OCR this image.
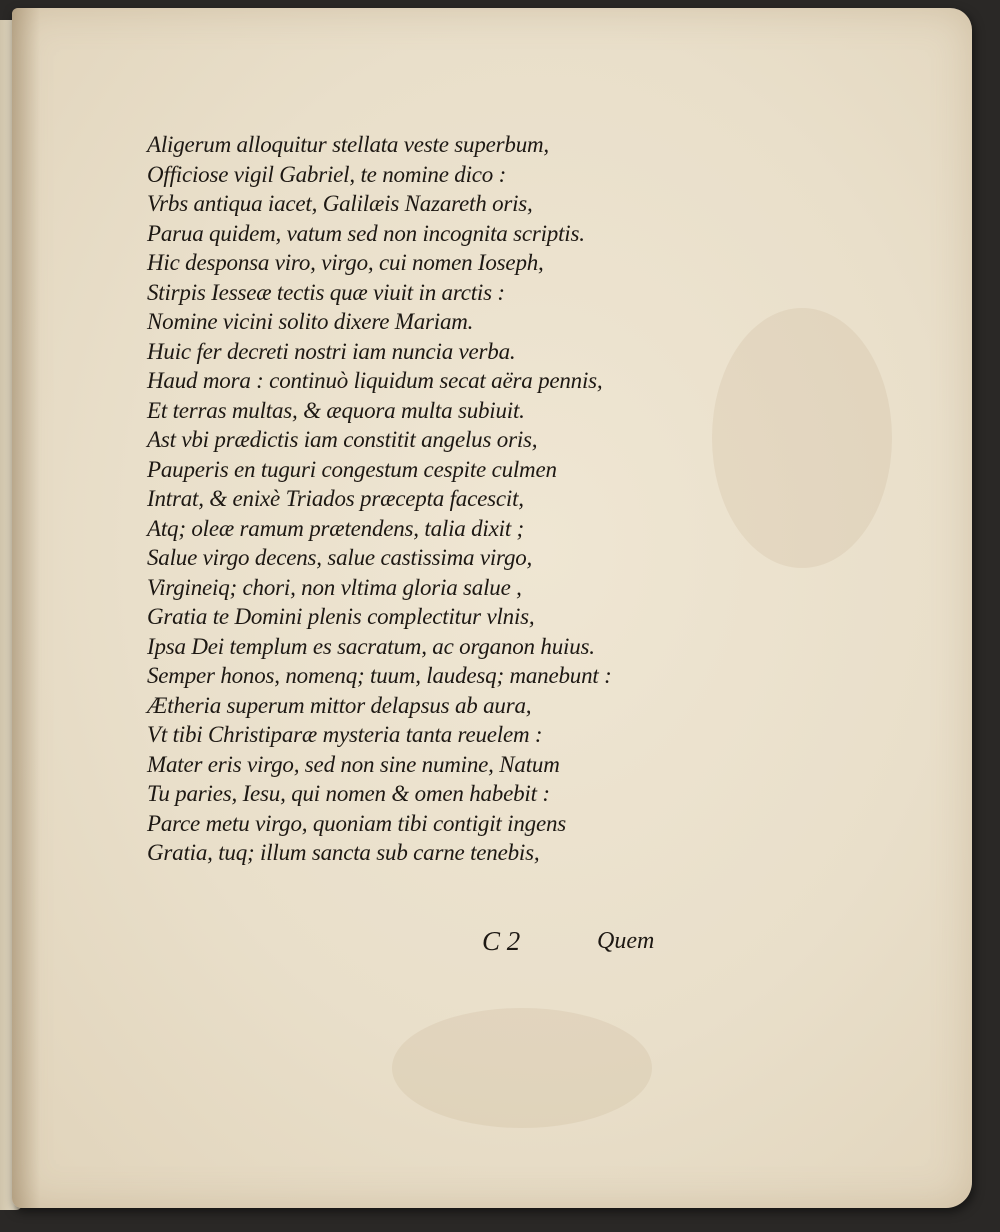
Aligerum alloquitur stellata veste superbum,
Officiose vigil Gabriel, te nomine dico :
Vrbs antiqua iacet, Galilæis Nazareth oris,
Parua quidem, vatum sed non incognita scriptis.
Hic desponsa viro, virgo, cui nomen Ioseph,
Stirpis Iesseæ tectis quæ viuit in arctis :
Nomine vicini solito dixere Mariam.
Huic fer decreti nostri iam nuncia verba.
Haud mora : continuò liquidum secat aëra pennis,
Et terras multas, & æquora multa subiuit.
Ast vbi prædictis iam constitit angelus oris,
Pauperis en tuguri congestum cespite culmen
Intrat, & enixè Triados præcepta facescit,
Atq; oleæ ramum prætendens, talia dixit ;
Salue virgo decens, salue castissima virgo,
Virgineiq; chori, non vltima gloria salue ,
Gratia te Domini plenis complectitur vlnis,
Ipsa Dei templum es sacratum, ac organon huius.
Semper honos, nomenq; tuum, laudesq; manebunt :
Ætheria superum mittor delapsus ab aura,
Vt tibi Christiparæ mysteria tanta reuelem :
Mater eris virgo, sed non sine numine, Natum
Tu paries, Iesu, qui nomen & omen habebit :
Parce metu virgo, quoniam tibi contigit ingens
Gratia, tuq; illum sancta sub carne tenebis,
C 2	Quem
